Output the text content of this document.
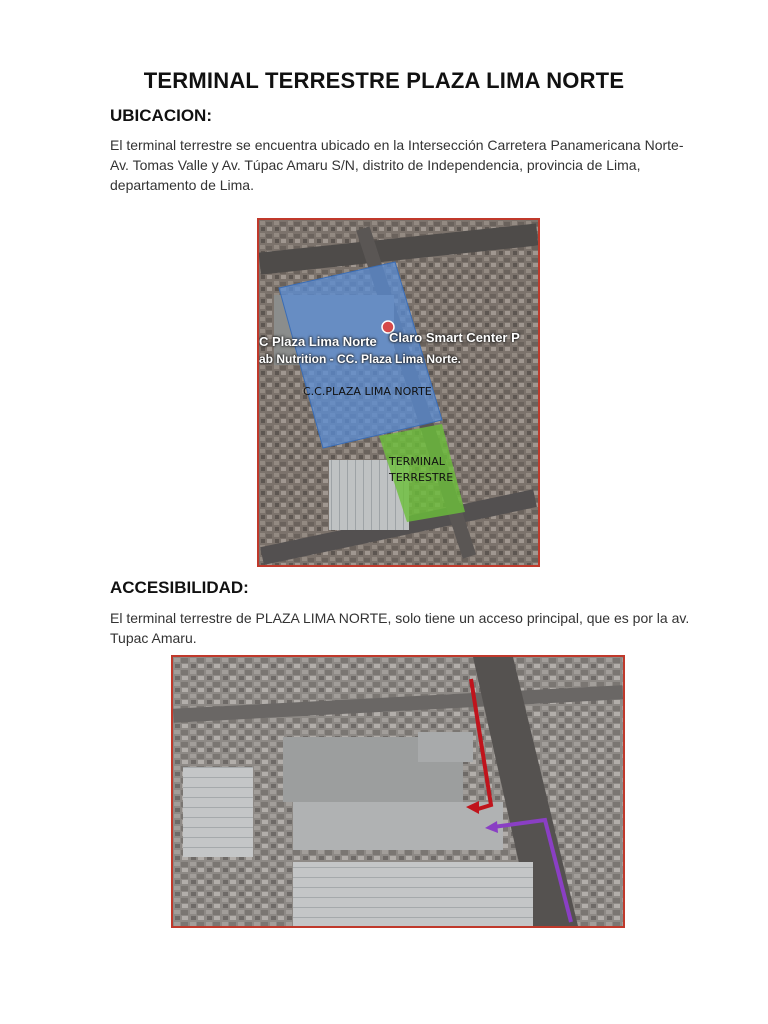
TERMINAL TERRESTRE PLAZA LIMA NORTE
UBICACION:
El terminal terrestre se encuentra ubicado en la Intersección Carretera Panamericana Norte-Av. Tomas Valle y Av. Túpac Amaru S/N, distrito de Independencia, provincia de Lima, departamento de Lima.
C Plaza Lima Norte Claro Smart Center P
ab Nutrition - CC. Plaza Lima Norte.
C.C.PLAZA LIMA NORTE
TERMINAL
TERRESTRE
ACCESIBILIDAD:
El terminal terrestre de PLAZA LIMA NORTE, solo tiene un acceso principal, que es por la av. Tupac Amaru.
